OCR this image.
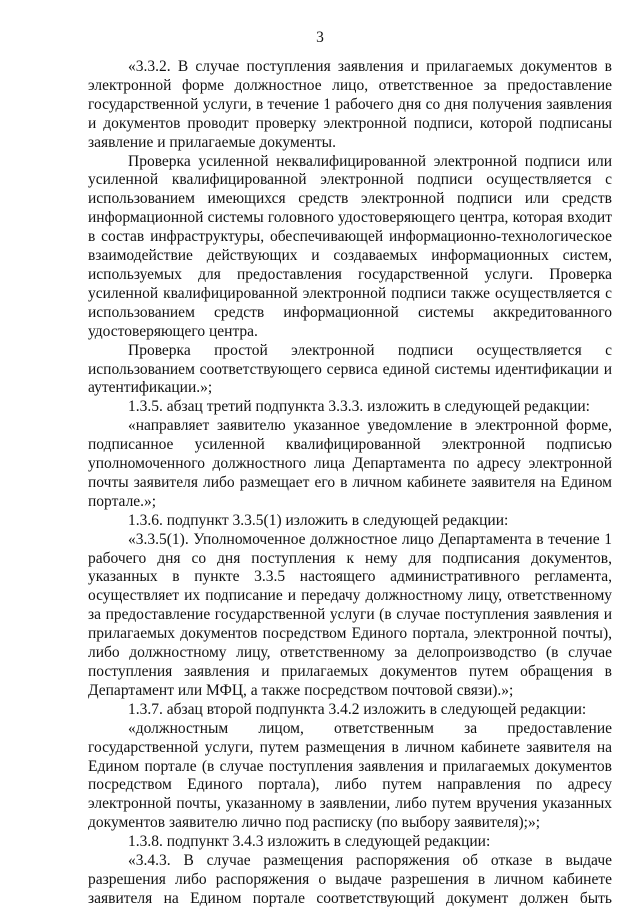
3

«3.3.2. В случае поступления заявления и прилагаемых документов в электронной форме должностное лицо, ответственное за предоставление государственной услуги, в течение 1 рабочего дня со дня получения заявления и документов проводит проверку электронной подписи, которой подписаны заявление и прилагаемые документы.

Проверка усиленной неквалифицированной электронной подписи или усиленной квалифицированной электронной подписи осуществляется с использованием имеющихся средств электронной подписи или средств информационной системы головного удостоверяющего центра, которая входит в состав инфраструктуры, обеспечивающей информационно-технологическое взаимодействие действующих и создаваемых информационных систем, используемых для предоставления государственной услуги. Проверка усиленной квалифицированной электронной подписи также осуществляется с использованием средств информационной системы аккредитованного удостоверяющего центра.

Проверка простой электронной подписи осуществляется с использованием соответствующего сервиса единой системы идентификации и аутентификации.»;

1.3.5. абзац третий подпункта 3.3.3. изложить в следующей редакции:

«направляет заявителю указанное уведомление в электронной форме, подписанное усиленной квалифицированной электронной подписью уполномоченного должностного лица Департамента по адресу электронной почты заявителя либо размещает его в личном кабинете заявителя на Едином портале.»;

1.3.6. подпункт 3.3.5(1) изложить в следующей редакции:

«3.3.5(1). Уполномоченное должностное лицо Департамента в течение 1 рабочего дня со дня поступления к нему для подписания документов, указанных в пункте 3.3.5 настоящего административного регламента, осуществляет их подписание и передачу должностному лицу, ответственному за предоставление государственной услуги (в случае поступления заявления и прилагаемых документов посредством Единого портала, электронной почты), либо должностному лицу, ответственному за делопроизводство (в случае поступления заявления и прилагаемых документов путем обращения в Департамент или МФЦ, а также посредством почтовой связи).»;

1.3.7. абзац второй подпункта 3.4.2 изложить в следующей редакции:

«должностным лицом, ответственным за предоставление государственной услуги, путем размещения в личном кабинете заявителя на Едином портале (в случае поступления заявления и прилагаемых документов посредством Единого портала), либо путем направления по адресу электронной почты, указанному в заявлении, либо путем вручения указанных документов заявителю лично под расписку (по выбору заявителя);»;

1.3.8. подпункт 3.4.3 изложить в следующей редакции:

«3.4.3. В случае размещения распоряжения об отказе в выдаче разрешения либо распоряжения о выдаче разрешения в личном кабинете заявителя на Едином портале соответствующий документ должен быть
